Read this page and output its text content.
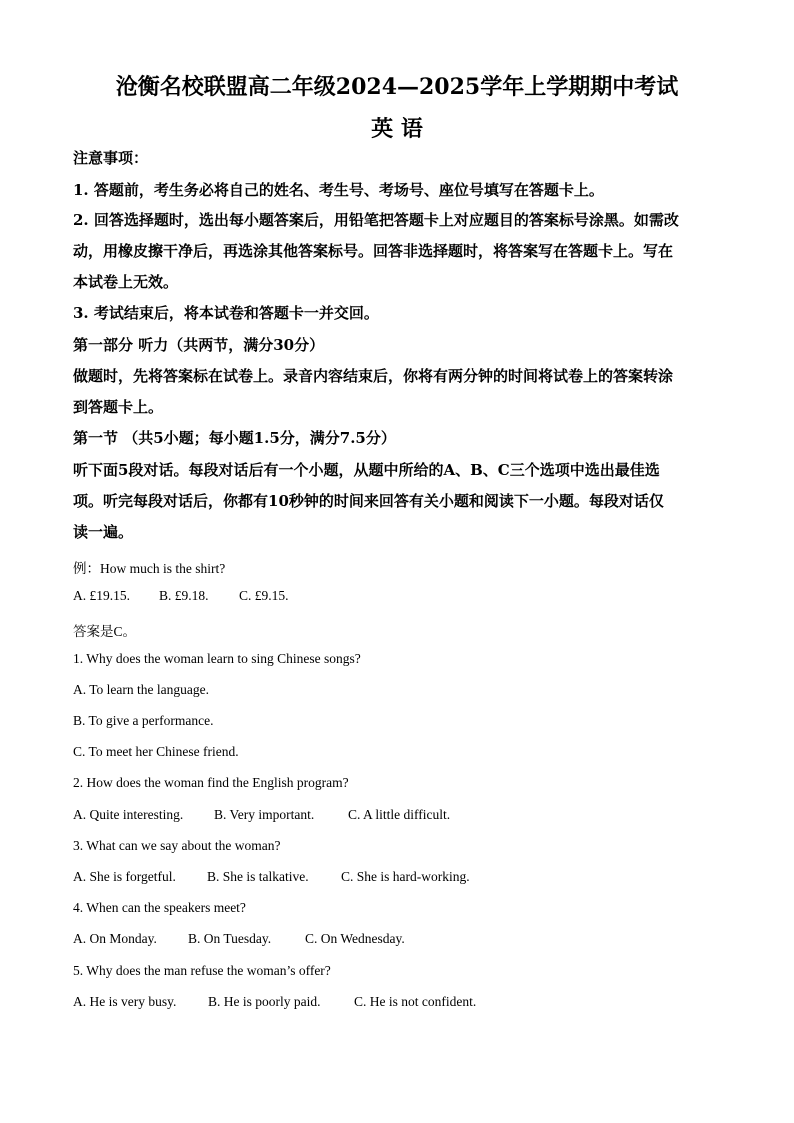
沧衡名校联盟高二年级2024—2025学年上学期期中考试
英 语
注意事项：
1. 答题前，考生务必将自己的姓名、考生号、考场号、座位号填写在答题卡上。
2. 回答选择题时，选出每小题答案后，用铅笔把答题卡上对应题目的答案标号涂黑。如需改
动，用橡皮擦干净后，再选涂其他答案标号。回答非选择题时，将答案写在答题卡上。写在
本试卷上无效。
3. 考试结束后，将本试卷和答题卡一并交回。
第一部分 听力（共两节，满分30分）
做题时，先将答案标在试卷上。录音内容结束后，你将有两分钟的时间将试卷上的答案转涂
到答题卡上。
第一节 （共5小题；每小题1.5分，满分7.5分）
听下面5段对话。每段对话后有一个小题，从题中所给的A、B、C三个选项中选出最佳选
项。听完每段对话后，你都有10秒钟的时间来回答有关小题和阅读下一小题。每段对话仅
读一遍。
例：How much is the shirt?
A. £19.15. B. £9.18. C. £9.15.
答案是C。
1. Why does the woman learn to sing Chinese songs?
A. To learn the language.
B. To give a performance.
C. To meet her Chinese friend.
2. How does the woman find the English program?
A. Quite interesting. B. Very important.	C. A little difficult.
3. What can we say about the woman?
A. She is forgetful. B. She is talkative. C. She is hard-working.
4. When can the speakers meet?
A. On Monday. B. On Tuesday.	C. On Wednesday.
5. Why does the man refuse the woman’s offer?
A. He is very busy. B. He is poorly paid. C. He is not confident.
